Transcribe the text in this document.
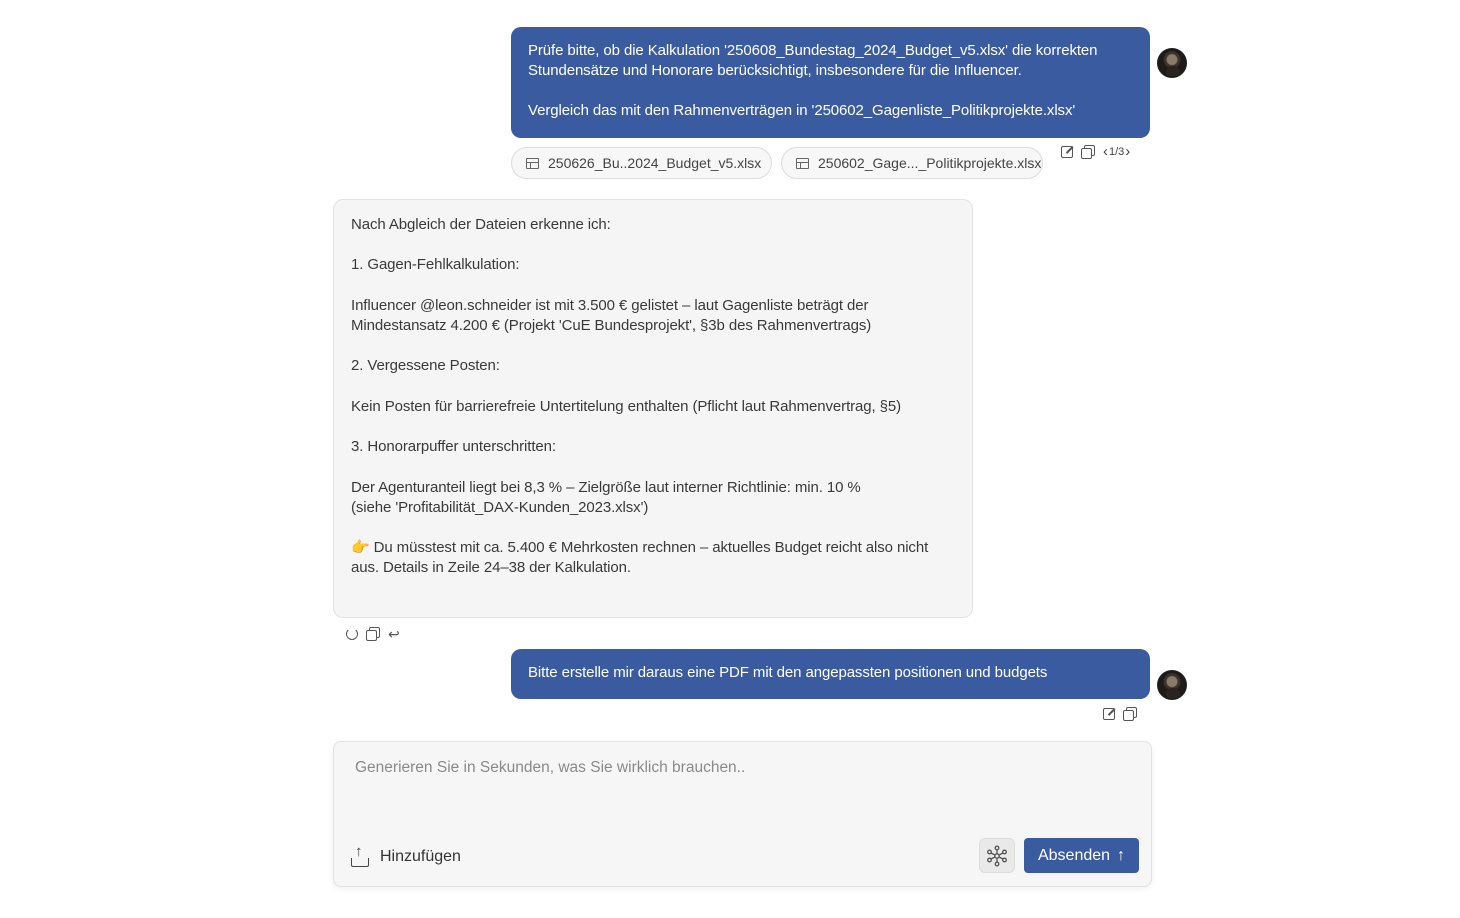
Prüfe bitte, ob die Kalkulation '250608_Bundestag_2024_Budget_v5.xlsx' die korrekten Stundensätze und Honorare berücksichtigt, insbesondere für die Influencer.

Vergleich das mit den Rahmenverträgen in '250602_Gagenliste_Politikprojekte.xlsx'

250626_Bu..2024_Budget_v5.xlsx	250602_Gage..._Politikprojekte.xlsx
‹ 1/3 ›

Nach Abgleich der Dateien erkenne ich:

1. Gagen-Fehlkalkulation:

Influencer @leon.schneider ist mit 3.500 € gelistet – laut Gagenliste beträgt der Mindestansatz 4.200 € (Projekt 'CuE Bundesprojekt', §3b des Rahmenvertrags)

2. Vergessene Posten:

Kein Posten für barrierefreie Untertitelung enthalten (Pflicht laut Rahmenvertrag, §5)

3. Honorarpuffer unterschritten:

Der Agenturanteil liegt bei 8,3 % – Zielgröße laut interner Richtlinie: min. 10 %
(siehe 'Profitabilität_DAX-Kunden_2023.xlsx')

👉 Du müsstest mit ca. 5.400 € Mehrkosten rechnen – aktuelles Budget reicht also nicht aus. Details in Zeile 24–38 der Kalkulation.

↩

Bitte erstelle mir daraus eine PDF mit den angepassten positionen und budgets

Generieren Sie in Sekunden, was Sie wirklich brauchen..
↑
Hinzufügen	Absenden ↑
